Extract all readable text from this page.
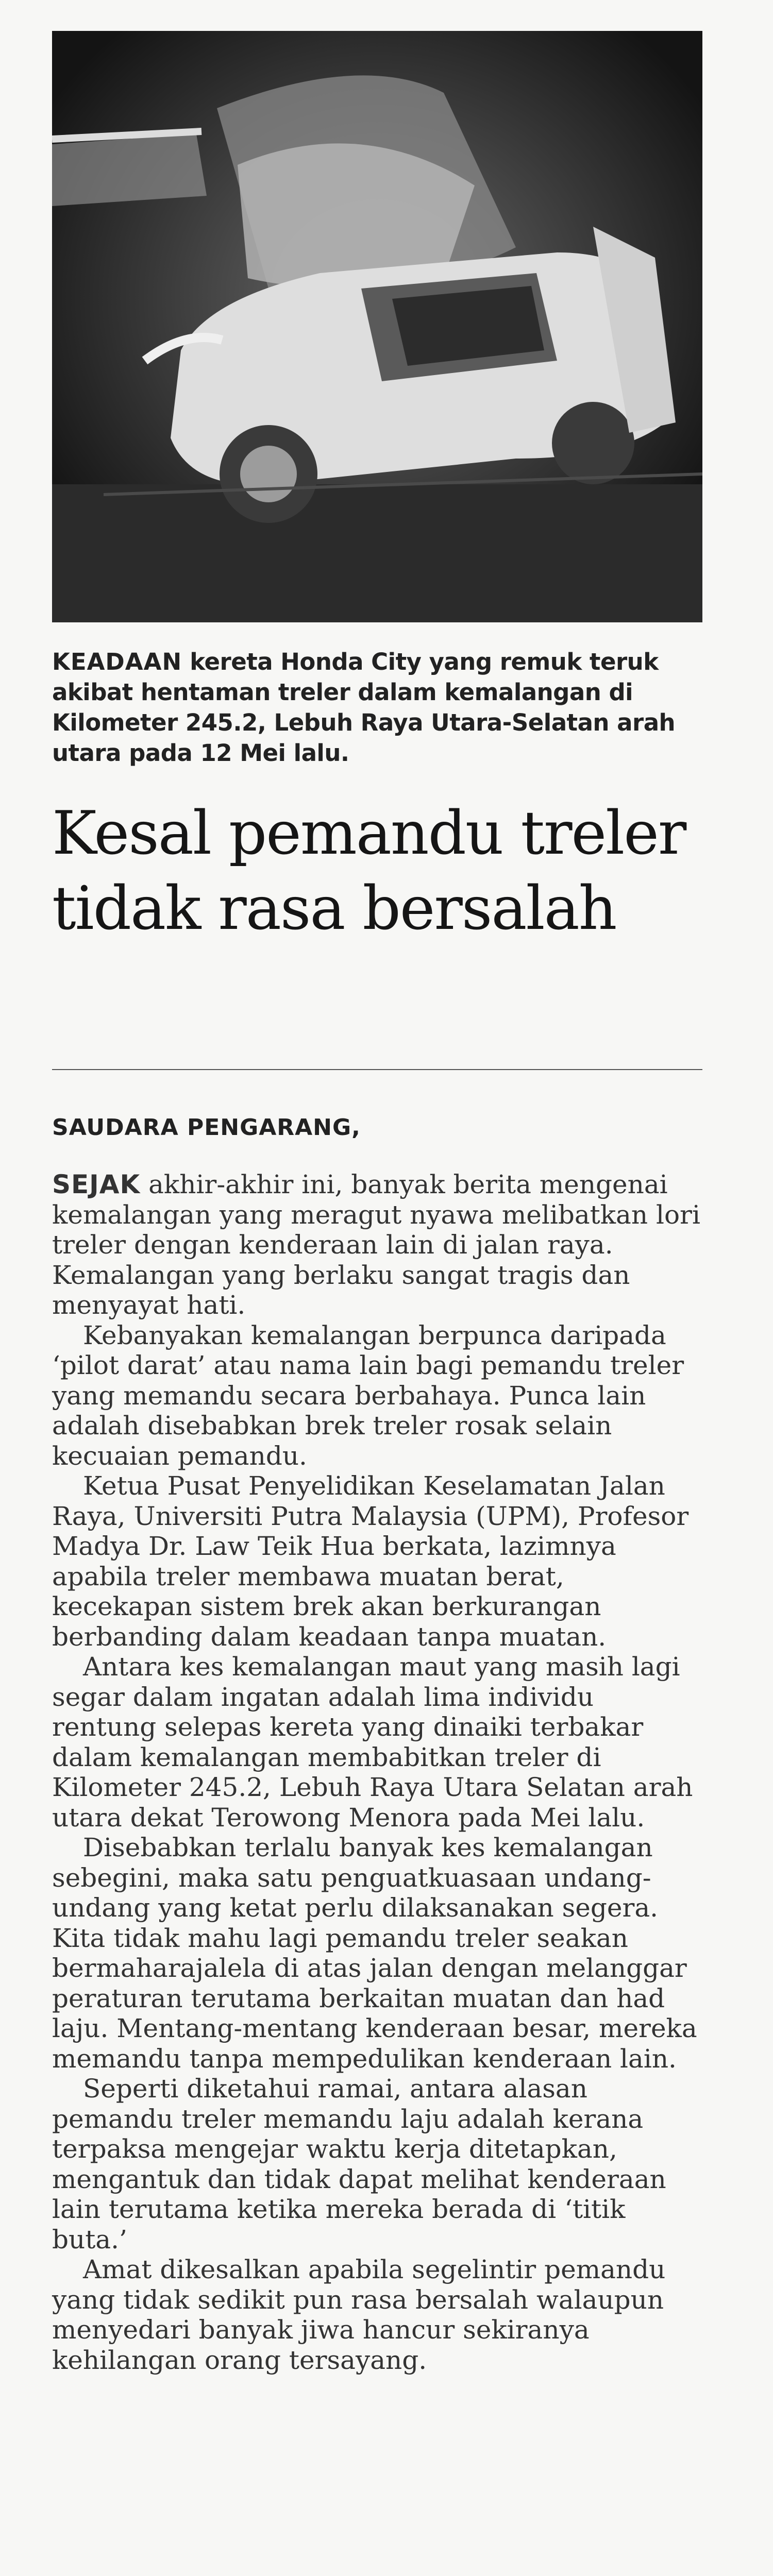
KEADAAN kereta Honda City yang remuk teruk akibat hentaman treler dalam kemalangan di Kilometer 245.2, Lebuh Raya Utara-Selatan arah utara pada 12 Mei lalu.
Kesal pemandu treler tidak rasa bersalah
SAUDARA PENGARANG,

SEJAK akhir-akhir ini, banyak berita mengenai kemalangan yang meragut nyawa melibatkan lori treler dengan kenderaan lain di jalan raya. Kemalangan yang berlaku sangat tragis dan menyayat hati.

Kebanyakan kemalangan berpunca daripada ‘pilot darat’ atau nama lain bagi pemandu treler yang memandu secara berbahaya. Punca lain adalah disebabkan brek treler rosak selain kecuaian pemandu.

Ketua Pusat Penyelidikan Keselamatan Jalan Raya, Universiti Putra Malaysia (UPM), Profesor Madya Dr. Law Teik Hua berkata, lazimnya apabila treler membawa muatan berat, kecekapan sistem brek akan berkurangan berbanding dalam keadaan tanpa muatan.

Antara kes kemalangan maut yang masih lagi segar dalam ingatan adalah lima individu rentung selepas kereta yang dinaiki terbakar dalam kemalangan membabitkan treler di Kilometer 245.2, Lebuh Raya Utara Selatan arah utara dekat Terowong Menora pada Mei lalu.

Disebabkan terlalu banyak kes kemalangan sebegini, maka satu penguatkuasaan undang-undang yang ketat perlu dilaksanakan segera. Kita tidak mahu lagi pemandu treler seakan bermaharajalela di atas jalan dengan melanggar peraturan terutama berkaitan muatan dan had laju. Mentang-mentang kenderaan besar, mereka memandu tanpa mempedulikan kenderaan lain.

Seperti diketahui ramai, antara alasan pemandu treler memandu laju adalah kerana terpaksa mengejar waktu kerja ditetapkan, mengantuk dan tidak dapat melihat kenderaan lain terutama ketika mereka berada di ‘titik buta.’

Amat dikesalkan apabila segelintir pemandu yang tidak sedikit pun rasa bersalah walaupun menyedari banyak jiwa hancur sekiranya kehilangan orang tersayang.
